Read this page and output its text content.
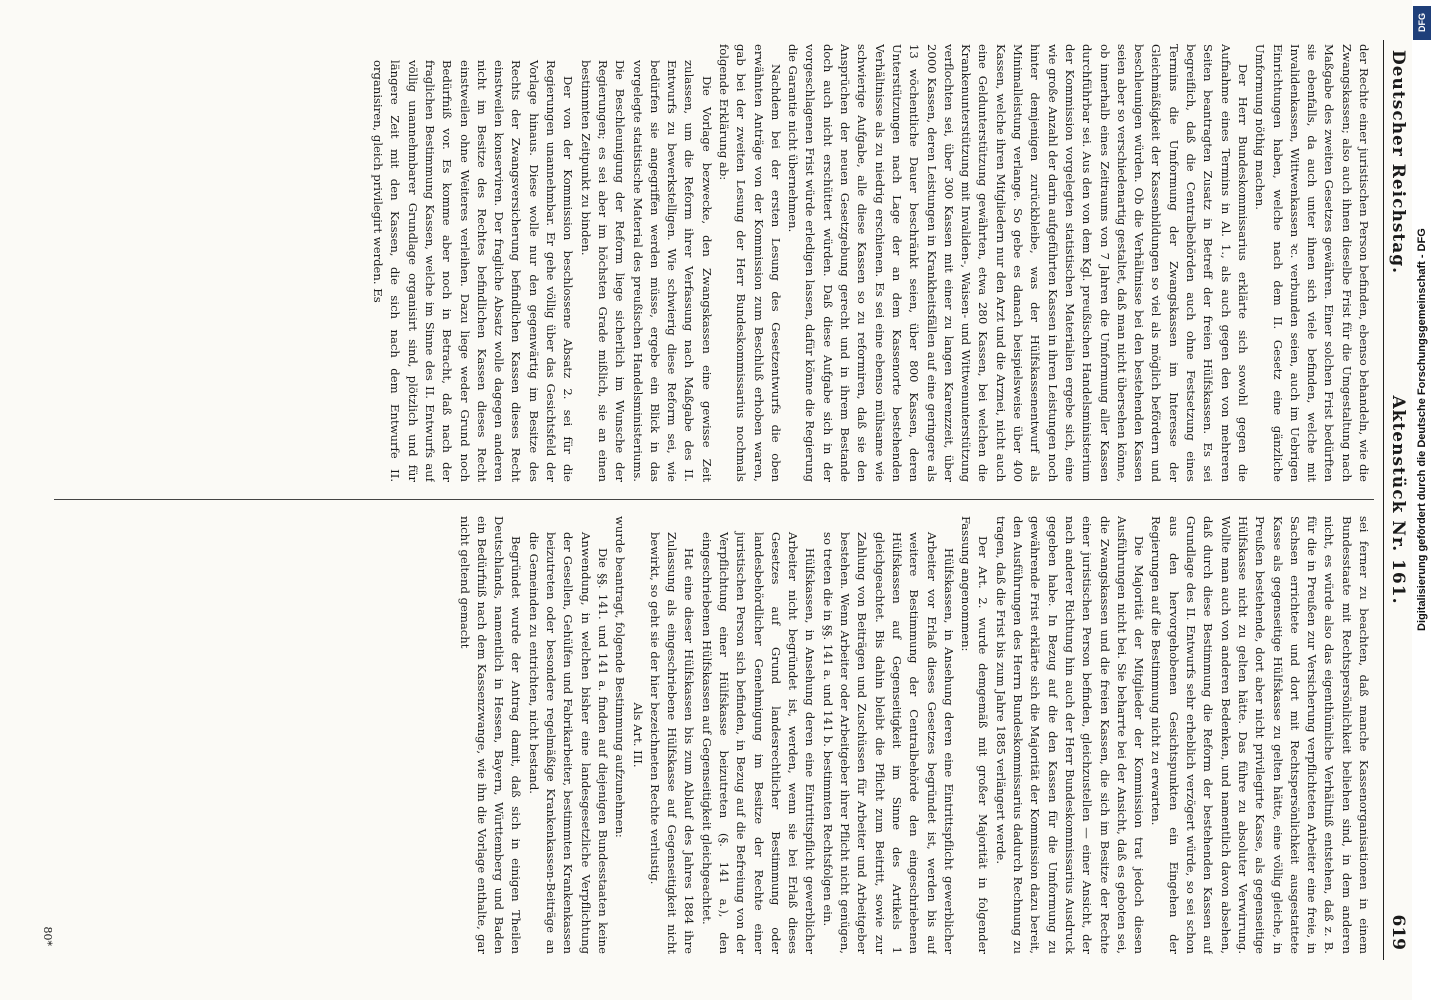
Deutscher Reichstag.
Aktenstück Nr. 161.
619

der Rechte einer juristischen Person befinden, ebenso behandeln, wie die Zwangskassen; also auch ihnen dieselbe Frist für die Umgestaltung nach Maßgabe des zweiten Gesetzes gewähren. Einer solchen Frist bedürften sie ebenfalls, da auch unter ihnen sich viele befinden, welche mit Invalidenkassen, Wittwenkassen ꝛc. verbunden seien, auch im Uebrigen Einrichtungen haben, welche nach dem II. Gesetz eine gänzliche Umformung nöthig machen.

Der Herr Bundeskommissarius erklärte sich sowohl gegen die Aufnahme eines Termins in Al. 1., als auch gegen den von mehreren Seiten beantragten Zusatz in Betreff der freien Hülfskassen. Es sei begreiflich, daß die Centralbehörden auch ohne Festsetzung eines Termins die Umformung der Zwangskassen im Interesse der Gleichmäßigkeit der Kassenbildungen so viel als möglich befördern und beschleunigen würden. Ob die Verhältnisse bei den bestehenden Kassen seien aber so verschiedenartig gestaltet, daß man nicht übersehen könne, ob innerhalb eines Zeitraums von 7 Jahren die Umformung aller Kassen durchführbar sei. Aus den von dem Kgl. preußischen Handelsministerium der Kommission vorgelegten statistischen Materialien ergebe sich, eine wie große Anzahl der darin aufgeführten Kassen in ihren Leistungen noch hinter demjenigen zurückbleibe, was der Hülfskassenentwurf als Minimalleistung verlange. So gebe es danach beispielsweise über 400 Kassen, welche ihren Mitgliedern nur den Arzt und die Arznei, nicht auch eine Geldunterstützung gewährten, etwa 280 Kassen, bei welchen die Krankenunterstützung mit Invaliden-, Waisen- und Wittwenunterstützung verflochten sei, über 300 Kassen mit einer zu langen Karenzzeit, über 2000 Kassen, deren Leistungen in Krankheitsfällen auf eine geringere als 13 wöchentliche Dauer beschränkt seien, über 800 Kassen, deren Unterstützungen nach Lage der an dem Kassenorte bestehenden Verhältnisse als zu niedrig erschienen. Es sei eine ebenso mühsame wie schwierige Aufgabe, alle diese Kassen so zu reformiren, daß sie den Ansprüchen der neuen Gesetzgebung gerecht und in ihrem Bestande doch auch nicht erschüttert würden. Daß diese Aufgabe sich in der vorgeschlagenen Frist würde erledigen lassen, dafür könne die Regierung die Garantie nicht übernehmen.

Nachdem bei der ersten Lesung des Gesetzentwurfs die oben erwähnten Anträge von der Kommission zum Beschluß erhoben waren, gab bei der zweiten Lesung der Herr Bundeskommissarius nochmals folgende Erklärung ab:

Die Vorlage bezwecke, den Zwangskassen eine gewisse Zeit zulassen, um die Reform ihrer Verfassung nach Maßgabe des II. Entwurfs zu bewerkstelligen. Wie schwierig diese Reform sei, wie bedürfen sie angegriffen werden müsse, ergebe ein Blick in das vorgelegte statistische Material des preußischen Handelsministeriums. Die Beschleunigung der Reform liege sicherlich im Wunsche der Regierungen; es sei aber im höchsten Grade mißlich, sie an einen bestimmten Zeitpunkt zu binden.

Der von der Kommission beschlossene Absatz 2. sei für die Regierungen unannehmbar. Er gehe völlig über das Gesichtsfeld der Vorlage hinaus. Diese wolle nur den gegenwärtig im Besitze des Rechts der Zwangsversicherung befindlichen Kassen dieses Recht einstweilen konserviren. Der fragliche Absatz wolle dagegen anderen nicht im Besitze des Rechtes befindlichen Kassen dieses Recht einstweilen ohne Weiteres verleihen. Dazu liege weder Grund noch Bedürfniß vor. Es komme aber noch in Betracht, daß nach der fraglichen Bestimmung Kassen, welche im Sinne des II. Entwurfs auf völlig unannehmbarer Grundlage organisirt sind, plötzlich und für längere Zeit mit den Kassen, die sich nach dem Entwurfe II. organisiren, gleich privilegirt werden. Es

sei ferner zu beachten, daß manche Kassenorganisationen in einem Bundesstaate mit Rechtspersönlichkeit beliehen sind, in dem anderen nicht, es würde also das eigenthümliche Verhältniß entstehen, daß z. B. für die in Preußen zur Versicherung verpflichteten Arbeiter eine freie, in Sachsen errichtete und dort mit Rechtspersönlichkeit ausgestattete Kasse als gegenseitige Hülfskasse zu gelten hätte, eine völlig gleiche, in Preußen bestehende, dort aber nicht privilegirte Kasse, als gegenseitige Hülfskasse nicht zu gelten hätte. Das führe zu absoluter Verwirrung. Wollte man auch von anderen Bedenken, und namentlich davon absehen, daß durch diese Bestimmung die Reform der bestehenden Kassen auf Grundlage des II. Entwurfs sehr erheblich verzögert würde, so sei schon aus den hervorgehobenen Gesichtspunkten ein Eingehen der Regierungen auf die Bestimmung nicht zu erwarten.

Die Majorität der Mitglieder der Kommission trat jedoch diesen Ausführungen nicht bei. Sie beharrte bei der Ansicht, daß es geboten sei, die Zwangskassen und die freien Kassen, die sich im Besitze der Rechte einer juristischen Person befinden, gleichzustellen — einer Ansicht, der nach anderer Richtung hin auch der Herr Bundeskommissarius Ausdruck gegeben habe. In Bezug auf die den Kassen für die Umformung zu gewährende Frist erklärte sich die Majorität der Kommission dazu bereit, den Ausführungen des Herrn Bundeskommissarius dadurch Rechnung zu tragen, daß die Frist bis zum Jahre 1885 verlängert werde.

Der Art. 2. wurde demgemäß mit großer Majorität in folgender Fassung angenommen:

Hülfskassen, in Ansehung deren eine Eintrittspflicht gewerblicher Arbeiter vor Erlaß dieses Gesetzes begründet ist, werden bis auf weitere Bestimmung der Centralbehörde den eingeschriebenen Hülfskassen auf Gegenseitigkeit im Sinne des Artikels 1 gleichgeachtet. Bis dahin bleibt die Pflicht zum Beitritt, sowie zur Zahlung von Beiträgen und Zuschüssen für Arbeiter und Arbeitgeber bestehen. Wenn Arbeiter oder Arbeitgeber ihrer Pflicht nicht genügen, so treten die in §§. 141 a. und 141 b. bestimmten Rechtsfolgen ein.

Hülfskassen, in Ansehung deren eine Eintrittspflicht gewerblicher Arbeiter nicht begründet ist, werden, wenn sie bei Erlaß dieses Gesetzes auf Grund landesrechtlicher Bestimmung oder landesbehördlicher Genehmigung im Besitze der Rechte einer juristischen Person sich befinden, in Bezug auf die Befreiung von der Verpflichtung einer Hülfskasse beizutreten (§. 141 a.), den eingeschriebenen Hülfskassen auf Gegenseitigkeit gleichgeachtet.

Hat eine dieser Hülfskassen bis zum Ablauf des Jahres 1884 ihre Zulassung als eingeschriebene Hülfskasse auf Gegenseitigkeit nicht bewirkt, so geht sie der hier bezeichneten Rechte verlustig.

Als Art. III.

wurde beantragt, folgende Bestimmung aufzunehmen:

Die §§. 141. und 141 a. finden auf diejenigen Bundesstaaten keine Anwendung, in welchen bisher eine landesgesetzliche Verpflichtung der Gesellen, Gehülfen und Fabrikarbeiter, bestimmten Krankenkassen beizutreten oder besondere regelmäßige Krankenkassen-Beiträge an die Gemeinden zu entrichten, nicht bestand.

Begründet wurde der Antrag damit, daß sich in einigen Theilen Deutschlands, namentlich in Hessen, Bayern, Württemberg und Baden ein Bedürfniß nach dem Kassenzwange, wie ihn die Vorlage enthalte, gar nicht geltend gemacht

80*
Digitalisierung gefördert durch die Deutsche Forschungsgemeinschaft - DFG
DFG
